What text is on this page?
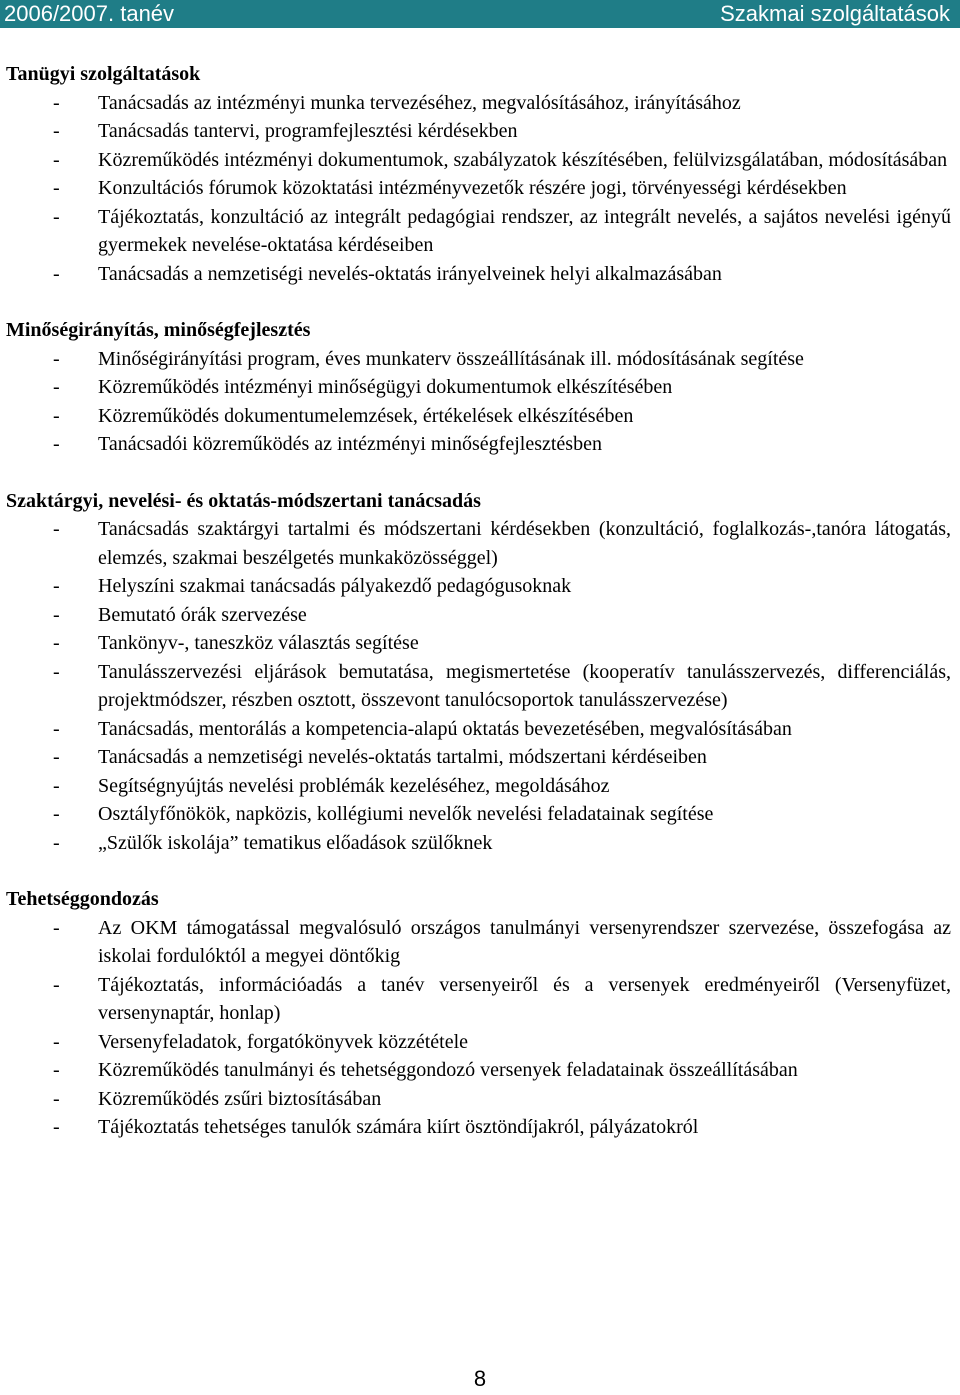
2006/2007. tanév	Szakmai szolgáltatások

Tanügyi szolgáltatások

- Tanácsadás az intézményi munka tervezéséhez, megvalósításához, irányításához
- Tanácsadás tantervi, programfejlesztési kérdésekben
- Közreműködés intézményi dokumentumok, szabályzatok készítésében, felülvizsgálatában, módosításában
- Konzultációs fórumok közoktatási intézményvezetők részére jogi, törvényességi kérdésekben
- Tájékoztatás, konzultáció az integrált pedagógiai rendszer, az integrált nevelés, a sajátos nevelési igényű gyermekek nevelése-oktatása kérdéseiben
- Tanácsadás a nemzetiségi nevelés-oktatás irányelveinek helyi alkalmazásában

Minőségirányítás, minőségfejlesztés

- Minőségirányítási program, éves munkaterv összeállításának ill. módosításának segítése
- Közreműködés intézményi minőségügyi dokumentumok elkészítésében
- Közreműködés dokumentumelemzések, értékelések elkészítésében
- Tanácsadói közreműködés az intézményi minőségfejlesztésben

Szaktárgyi, nevelési- és oktatás-módszertani tanácsadás

- Tanácsadás szaktárgyi tartalmi és módszertani kérdésekben (konzultáció, foglalkozás-,tanóra látogatás, elemzés, szakmai beszélgetés munkaközösséggel)
- Helyszíni szakmai tanácsadás pályakezdő pedagógusoknak
- Bemutató órák szervezése
- Tankönyv-, taneszköz választás segítése
- Tanulásszervezési eljárások bemutatása, megismertetése (kooperatív tanulásszervezés, differenciálás, projektmódszer, részben osztott, összevont tanulócsoportok tanulásszervezése)
- Tanácsadás, mentorálás a kompetencia-alapú oktatás bevezetésében, megvalósításában
- Tanácsadás a nemzetiségi nevelés-oktatás tartalmi, módszertani kérdéseiben
- Segítségnyújtás nevelési problémák kezeléséhez, megoldásához
- Osztályfőnökök, napközis, kollégiumi nevelők nevelési feladatainak segítése
- „Szülők iskolája” tematikus előadások szülőknek

Tehetséggondozás

- Az OKM támogatással megvalósuló országos tanulmányi versenyrendszer szervezése, összefogása az iskolai fordulóktól a megyei döntőkig
- Tájékoztatás, információadás a tanév versenyeiről és a versenyek eredményeiről (Versenyfüzet, versenynaptár, honlap)
- Versenyfeladatok, forgatókönyvek közzététele
- Közreműködés tanulmányi és tehetséggondozó versenyek feladatainak összeállításában
- Közreműködés zsűri biztosításában
- Tájékoztatás tehetséges tanulók számára kiírt ösztöndíjakról, pályázatokról
8
